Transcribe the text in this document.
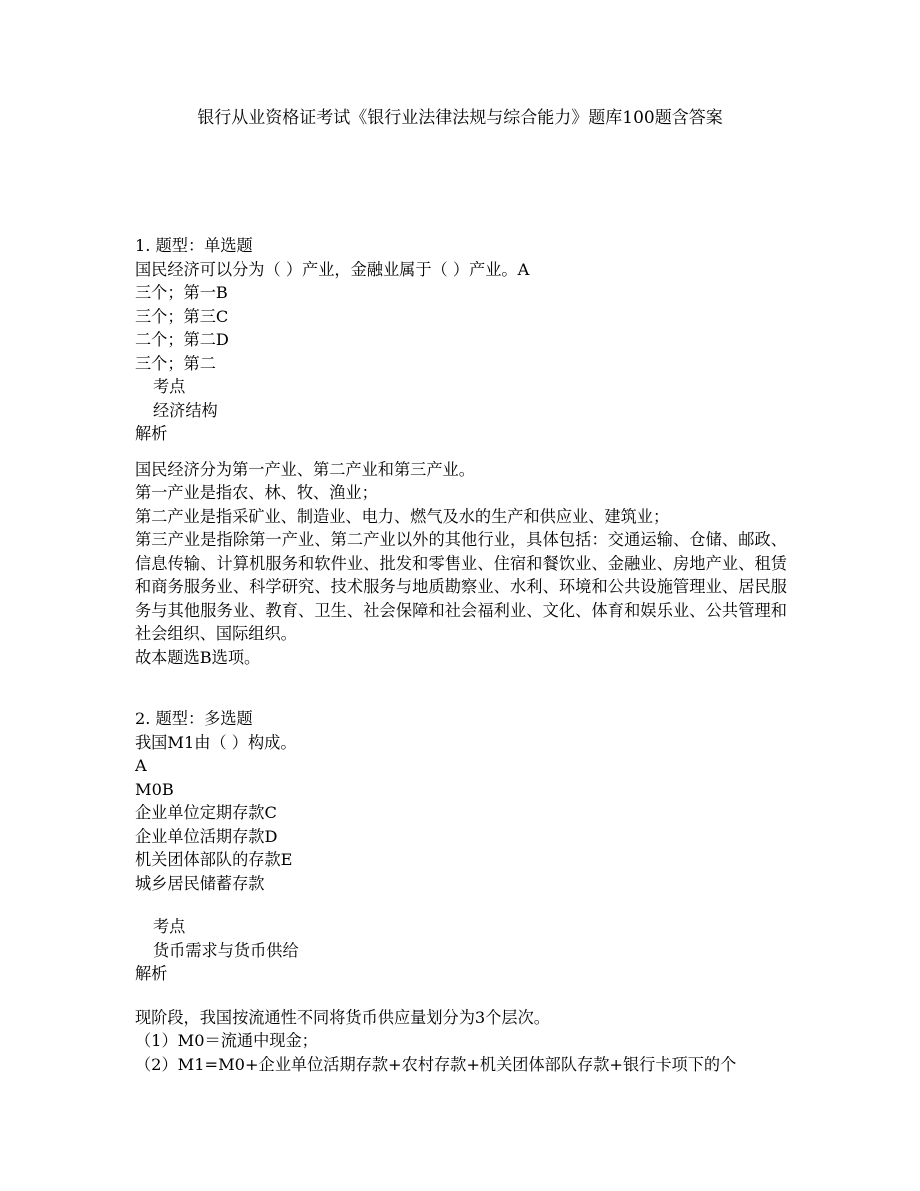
银行从业资格证考试《银行业法律法规与综合能力》题库100题含答案
1. 题型：单选题
国民经济可以分为（ ）产业，金融业属于（ ）产业。A
三个；第一B
三个；第三C
二个；第二D
三个；第二
考点
经济结构
解析
国民经济分为第一产业、第二产业和第三产业。
第一产业是指农、林、牧、渔业；
第二产业是指采矿业、制造业、电力、燃气及水的生产和供应业、建筑业；
第三产业是指除第一产业、第二产业以外的其他行业，具体包括：交通运输、仓储、邮政、信息传输、计算机服务和软件业、批发和零售业、住宿和餐饮业、金融业、房地产业、租赁和商务服务业、科学研究、技术服务与地质勘察业、水利、环境和公共设施管理业、居民服务与其他服务业、教育、卫生、社会保障和社会福利业、文化、体育和娱乐业、公共管理和社会组织、国际组织。
故本题选B选项。
2. 题型：多选题
我国M1由（ ）构成。
A
M0B
企业单位定期存款C
企业单位活期存款D
机关团体部队的存款E
城乡居民储蓄存款
考点
货币需求与货币供给
解析
现阶段，我国按流通性不同将货币供应量划分为3个层次。
（1）M0＝流通中现金；
（2）M1=M0+企业单位活期存款+农村存款+机关团体部队存款+银行卡项下的个
